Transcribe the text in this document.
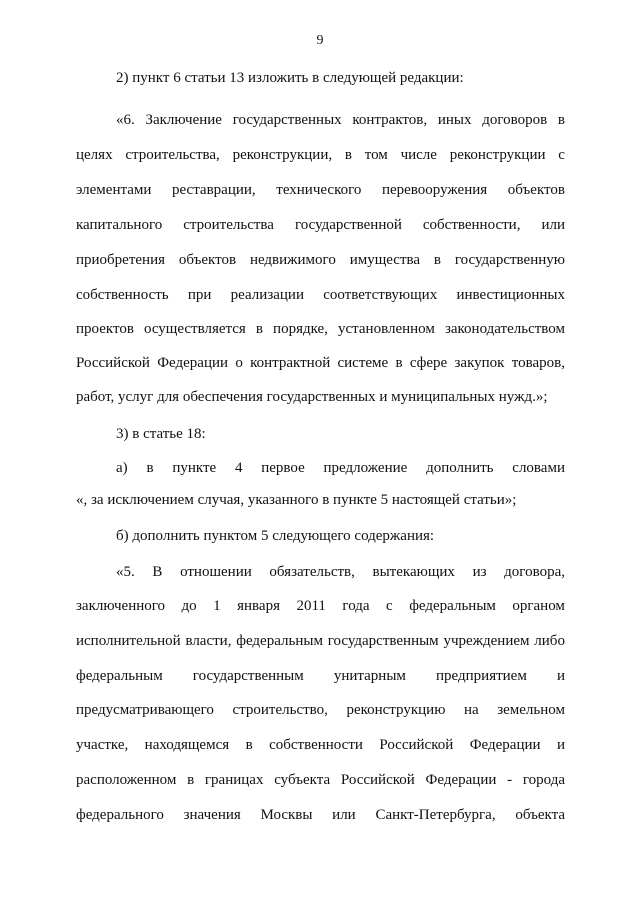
9
2) пункт 6 статьи 13 изложить в следующей редакции:
«6. Заключение государственных контрактов, иных договоров в
целях строительства, реконструкции, в том числе реконструкции с
элементами реставрации, технического перевооружения объектов
капитального строительства государственной собственности, или
приобретения объектов недвижимого имущества в государственную
собственность при реализации соответствующих инвестиционных
проектов осуществляется в порядке, установленном законодательством
Российской Федерации о контрактной системе в сфере закупок товаров,
работ, услуг для обеспечения государственных и муниципальных нужд.»;
3) в статье 18:
а) в пункте 4 первое предложение дополнить словами
«, за исключением случая, указанного в пункте 5 настоящей статьи»;
б) дополнить пунктом 5 следующего содержания:
«5. В отношении обязательств, вытекающих из договора,
заключенного до 1 января 2011 года с федеральным органом
исполнительной власти, федеральным государственным учреждением либо
федеральным государственным унитарным предприятием и
предусматривающего строительство, реконструкцию на земельном
участке, находящемся в собственности Российской Федерации и
расположенном в границах субъекта Российской Федерации - города
федерального значения Москвы или Санкт-Петербурга, объекта
